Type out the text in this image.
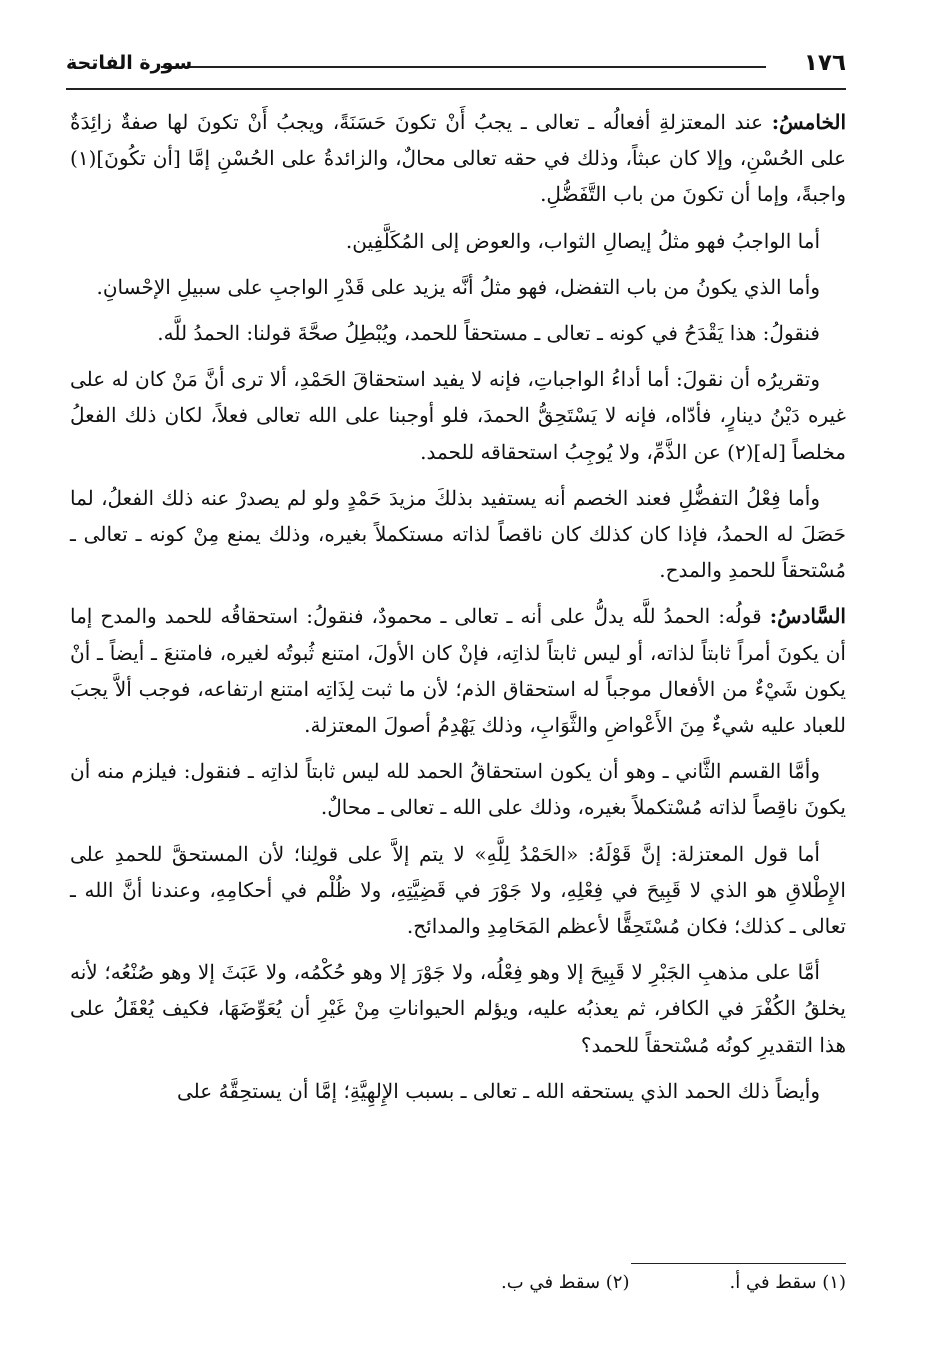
١٧٦
سورة الفاتحة

الخامسُ: عند المعتزلةِ أفعالُه ـ تعالى ـ يجبُ أَنْ تكونَ حَسَنَةً، ويجبُ أَنْ تكونَ لها صفةٌ زائِدَةٌ على الحُسْنِ، وإلا كان عبثاً، وذلك في حقه تعالى محالٌ، والزائدةُ على الحُسْنِ إمَّا [أن تكُونَ](١) واجبةً، وإما أن تكونَ من باب التَّفَضُّلِ.

أما الواجبُ فهو مثلُ إيصالِ الثواب، والعوض إلى المُكَلَّفِين.

وأما الذي يكونُ من باب التفضل، فهو مثلُ أنَّه يزيد على قَدْرِ الواجبِ على سبيلِ الإحْسانِ.

فنقولُ: هذا يَقْدَحُ في كونه ـ تعالى ـ مستحقاً للحمد، ويُبْطِلُ صحَّةَ قولنا: الحمدُ للَّه.

وتقريرُه أن نقولَ: أما أداءُ الواجباتِ، فإنه لا يفيد استحقاقَ الحَمْدِ، ألا ترى أنَّ مَنْ كان له على غيره دَيْنُ دينارٍ، فأدّاه، فإنه لا يَسْتَحِقُّ الحمدَ، فلو أوجبنا على الله تعالى فعلاً، لكان ذلك الفعلُ مخلصاً [له](٢) عن الذَّمِّ، ولا يُوجِبُ استحقاقه للحمد.

وأما فِعْلُ التفضُّلِ فعند الخصم أنه يستفيد بذلكَ مزيدَ حَمْدٍ ولو لم يصدرْ عنه ذلك الفعلُ، لما حَصَلَ له الحمدُ، فإذا كان كذلك كان ناقصاً لذاته مستكملاً بغيره، وذلك يمنع مِنْ كونه ـ تعالى ـ مُسْتحقاً للحمدِ والمدح.

السَّادسُ: قولُه: الحمدُ للَّه يدلُّ على أنه ـ تعالى ـ محمودٌ، فنقولُ: استحقاقُه للحمد والمدح إما أن يكونَ أمراً ثابتاً لذاته، أو ليس ثابتاً لذاتِه، فإنْ كان الأولَ، امتنع ثُبوتُه لغيره، فامتنعَ ـ أيضاً ـ أنْ يكون شَيْءٌ من الأفعال موجباً له استحقاق الذم؛ لأن ما ثبت لِذَاتِه امتنع ارتفاعه، فوجب ألاَّ يجبَ للعباد عليه شيءٌ مِنَ الأَعْواضِ والثَّوَابِ، وذلك يَهْدِمُ أصولَ المعتزلة.

وأمَّا القسم الثَّاني ـ وهو أن يكون استحقاقُ الحمد لله ليس ثابتاً لذاتِه ـ فنقول: فيلزم منه أن يكونَ ناقِصاً لذاته مُسْتكملاً بغيره، وذلك على الله ـ تعالى ـ محالٌ.

أما قول المعتزلة: إنَّ قَوْلَهُ: «الحَمْدُ لِلَّهِ» لا يتم إلاَّ على قولِنا؛ لأن المستحقَّ للحمدِ على الإِطْلاقِ هو الذي لا قَبِيحَ في فِعْلِهِ، ولا جَوْرَ في قَضِيَّتِهِ، ولا ظُلْم في أحكامِهِ، وعندنا أنَّ الله ـ تعالى ـ كذلك؛ فكان مُسْتَحِقًّا لأعظم المَحَامِدِ والمدائح.

أمَّا على مذهبِ الجَبْرِ لا قَبِيحَ إلا وهو فِعْلُه، ولا جَوْرَ إلا وهو حُكْمُه، ولا عَبَثَ إلا وهو صُنْعُه؛ لأنه يخلقُ الكُفْرَ في الكافر، ثم يعذبُه عليه، ويؤلم الحيواناتِ مِنْ غَيْرِ أن يُعَوِّضَهَا، فكيف يُعْقَلُ على هذا التقديرِ كونُه مُسْتحقاً للحمد؟

وأيضاً ذلك الحمد الذي يستحقه الله ـ تعالى ـ بسبب الإِلهِيَّةِ؛ إمَّا أن يستحِقَّهُ على

(١) سقط في أ.
(٢) سقط في ب.
